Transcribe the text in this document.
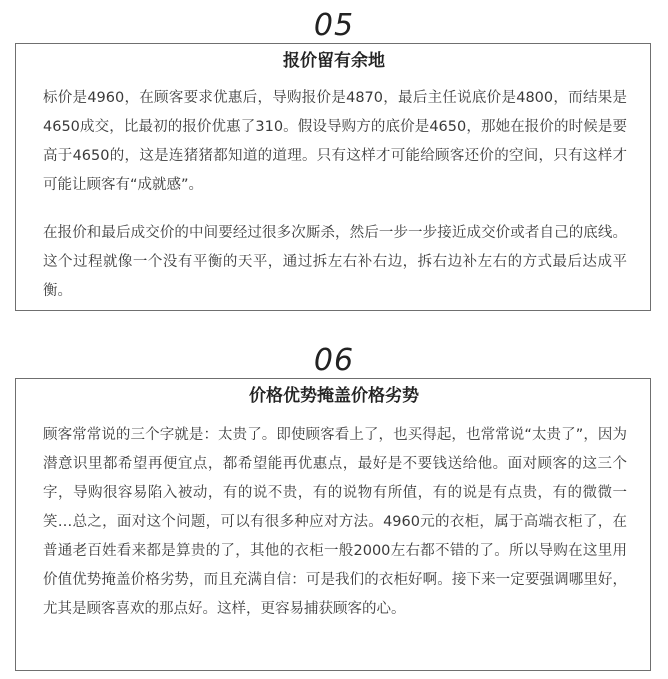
05
报价留有余地

标价是4960，在顾客要求优惠后，导购报价是4870，最后主任说底价是4800，而结果是4650成交，比最初的报价优惠了310。假设导购方的底价是4650，那她在报价的时候是要高于4650的，这是连猪猪都知道的道理。只有这样才可能给顾客还价的空间，只有这样才可能让顾客有“成就感”。

在报价和最后成交价的中间要经过很多次厮杀，然后一步一步接近成交价或者自己的底线。这个过程就像一个没有平衡的天平，通过拆左右补右边，拆右边补左右的方式最后达成平衡。

06
价格优势掩盖价格劣势

顾客常常说的三个字就是：太贵了。即使顾客看上了，也买得起，也常常说“太贵了”，因为潜意识里都希望再便宜点，都希望能再优惠点，最好是不要钱送给他。面对顾客的这三个字，导购很容易陷入被动，有的说不贵，有的说物有所值，有的说是有点贵，有的微微一笑…总之，面对这个问题，可以有很多种应对方法。4960元的衣柜，属于高端衣柜了，在普通老百姓看来都是算贵的了，其他的衣柜一般2000左右都不错的了。所以导购在这里用价值优势掩盖价格劣势，而且充满自信：可是我们的衣柜好啊。接下来一定要强调哪里好，尤其是顾客喜欢的那点好。这样，更容易捕获顾客的心。
